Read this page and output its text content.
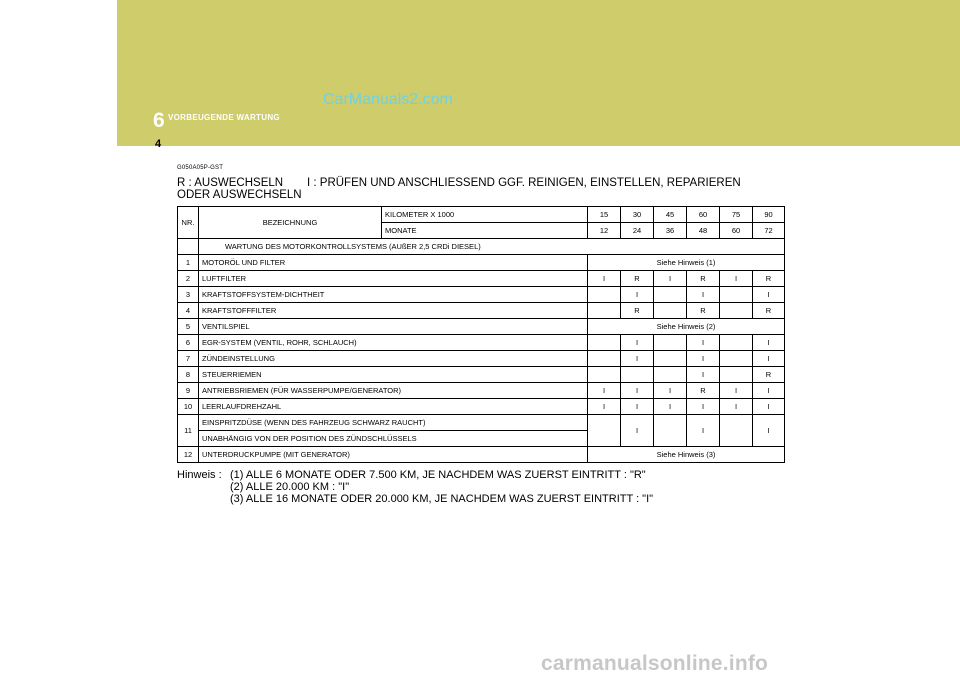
6 VORBEUGENDE WARTUNG
CarManuals2.com
4
G050A05P-GST
R : AUSWECHSELN I : PRÜFEN UND ANSCHLIESSEND GGF. REINIGEN, EINSTELLEN, REPARIEREN ODER AUSWECHSELN
NR.	BEZEICHNUNG	KILOMETER X 1000	15	30	45	60	75	90
		MONATE	12	24	36	48	60	72
	WARTUNG DES MOTORKONTROLLSYSTEMS (AUßER 2,5 CRDi DIESEL)							
1	MOTORÖL UND FILTER		Siehe Hinweis (1)					
2	LUFTFILTER		I	R	I	R	I	R
3	KRAFTSTOFFSYSTEM-DICHTHEIT			I		I		I
4	KRAFTSTOFFFILTER			R		R		R
5	VENTILSPIEL		Siehe Hinweis (2)					
6	EGR-SYSTEM (VENTIL, ROHR, SCHLAUCH)			I		I		I
7	ZÜNDEINSTELLUNG			I		I		I
8	STEUERRIEMEN					I		R
9	ANTRIEBSRIEMEN (FÜR WASSERPUMPE/GENERATOR)		I	I	I	R	I	I
10	LEERLAUFDREHZAHL		I	I	I	I	I	I
11	EINSPRITZDÜSE (WENN DES FAHRZEUG SCHWARZ RAUCHT)			I		I		I
	UNABHÄNGIG VON DER POSITION DES ZÜNDSCHLÜSSELS							
12	UNTERDRUCKPUMPE (MIT GENERATOR)		Siehe Hinweis (3)					
Hinweis : (1) ALLE 6 MONATE ODER 7.500 KM, JE NACHDEM WAS ZUERST EINTRITT : "R"
(2) ALLE 20.000 KM : "I"
(3) ALLE 16 MONATE ODER 20.000 KM, JE NACHDEM WAS ZUERST EINTRITT : "I"
carmanualsonline.info
